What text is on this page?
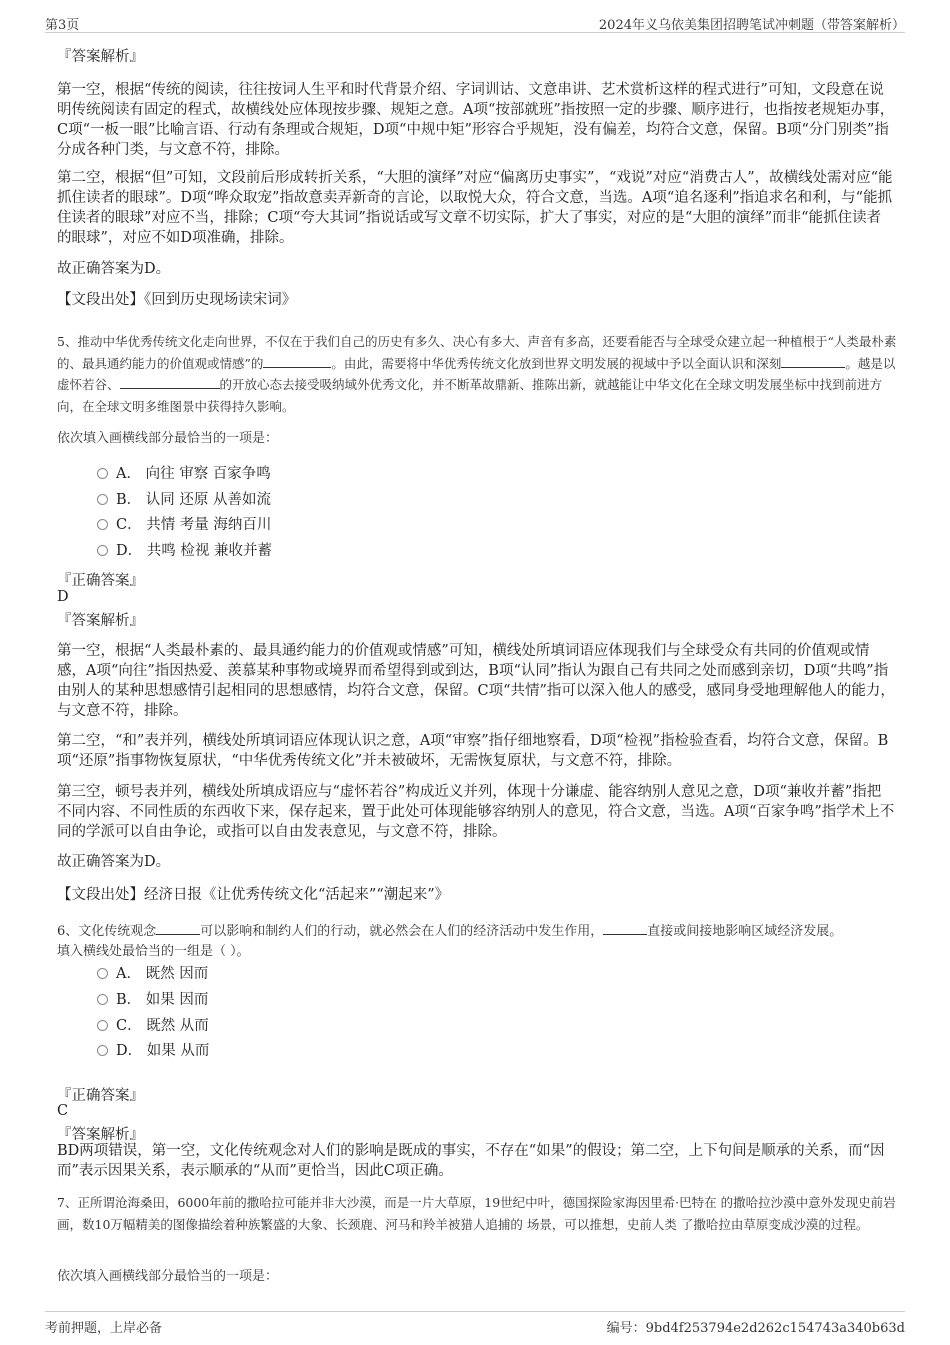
第3页	2024年义乌依美集团招聘笔试冲刺题（带答案解析）
『答案解析』

第一空，根据“传统的阅读，往往按词人生平和时代背景介绍、字词训诂、文意串讲、艺术赏析这样的程式进行”可知，文段意在说明传统阅读有固定的程式，故横线处应体现按步骤、规矩之意。A项“按部就班”指按照一定的步骤、顺序进行，也指按老规矩办事，C项“一板一眼”比喻言语、行动有条理或合规矩，D项“中规中矩”形容合乎规矩，没有偏差，均符合文意，保留。B项“分门别类”指分成各种门类，与文意不符，排除。

第二空，根据“但”可知，文段前后形成转折关系，“大胆的演绎”对应“偏离历史事实”，“戏说”对应“消费古人”，故横线处需对应“能抓住读者的眼球”。D项“哗众取宠”指故意卖弄新奇的言论，以取悦大众，符合文意，当选。A项“追名逐利”指追求名和利，与“能抓住读者的眼球”对应不当，排除；C项“夸大其词”指说话或写文章不切实际，扩大了事实，对应的是“大胆的演绎”而非“能抓住读者的眼球”，对应不如D项准确，排除。

故正确答案为D。
【文段出处】《回到历史现场读宋词》

5、推动中华优秀传统文化走向世界，不仅在于我们自己的历史有多久、决心有多大、声音有多高，还要看能否与全球受众建立起一种植根于“人类最朴素的、最具通约能力的价值观或情感”的	。由此，需要将中华优秀传统文化放到世界文明发展的视域中予以全面认识和深刻	。越是以虚怀若谷、	的开放心态去接受吸纳域外优秀文化，并不断革故鼎新、推陈出新，就越能让中华文化在全球文明发展坐标中找到前进方向，在全球文明多维图景中获得持久影响。

依次填入画横线部分最恰当的一项是：
A． 向往 审察 百家争鸣
B． 认同 还原 从善如流
C． 共情 考量 海纳百川
D． 共鸣 检视 兼收并蓄
『正确答案』
D
『答案解析』

第一空，根据“人类最朴素的、最具通约能力的价值观或情感”可知，横线处所填词语应体现我们与全球受众有共同的价值观或情感，A项“向往”指因热爱、羡慕某种事物或境界而希望得到或到达，B项“认同”指认为跟自己有共同之处而感到亲切，D项“共鸣”指由别人的某种思想感情引起相同的思想感情，均符合文意，保留。C项“共情”指可以深入他人的感受，感同身受地理解他人的能力，与文意不符，排除。

第二空，“和”表并列，横线处所填词语应体现认识之意，A项“审察”指仔细地察看，D项“检视”指检验查看，均符合文意，保留。B项“还原”指事物恢复原状，“中华优秀传统文化”并未被破坏，无需恢复原状，与文意不符，排除。

第三空，顿号表并列，横线处所填成语应与“虚怀若谷”构成近义并列，体现十分谦虚、能容纳别人意见之意，D项“兼收并蓄”指把不同内容、不同性质的东西收下来，保存起来，置于此处可体现能够容纳别人的意见，符合文意，当选。A项“百家争鸣”指学术上不同的学派可以自由争论，或指可以自由发表意见，与文意不符，排除。

故正确答案为D。
【文段出处】经济日报《让优秀传统文化“活起来”“潮起来”》
6、文化传统观念	可以影响和制约人们的行动，就必然会在人们的经济活动中发生作用，	直接或间接地影响区域经济发展。
填入横线处最恰当的一组是（ ）。
A． 既然 因而
B． 如果 因而
C． 既然 从而
D． 如果 从而
『正确答案』
C
『答案解析』

BD两项错误，第一空，文化传统观念对人们的影响是既成的事实，不存在“如果”的假设；第二空，上下句间是顺承的关系，而“因而”表示因果关系，表示顺承的“从而”更恰当，因此C项正确。

7、正所谓沧海桑田，6000年前的撒哈拉可能并非大沙漠，而是一片大草原，19世纪中叶，德国探险家海因里希·巴特在 的撒哈拉沙漠中意外发现史前岩画，数10万幅精美的图像描绘着种族繁盛的大象、长颈鹿、河马和羚羊被猎人追捕的 场景，可以推想，史前人类 了撒哈拉由草原变成沙漠的过程。

依次填入画横线部分最恰当的一项是：
考前押题，上岸必备	编号：9bd4f253794e2d262c154743a340b63d
